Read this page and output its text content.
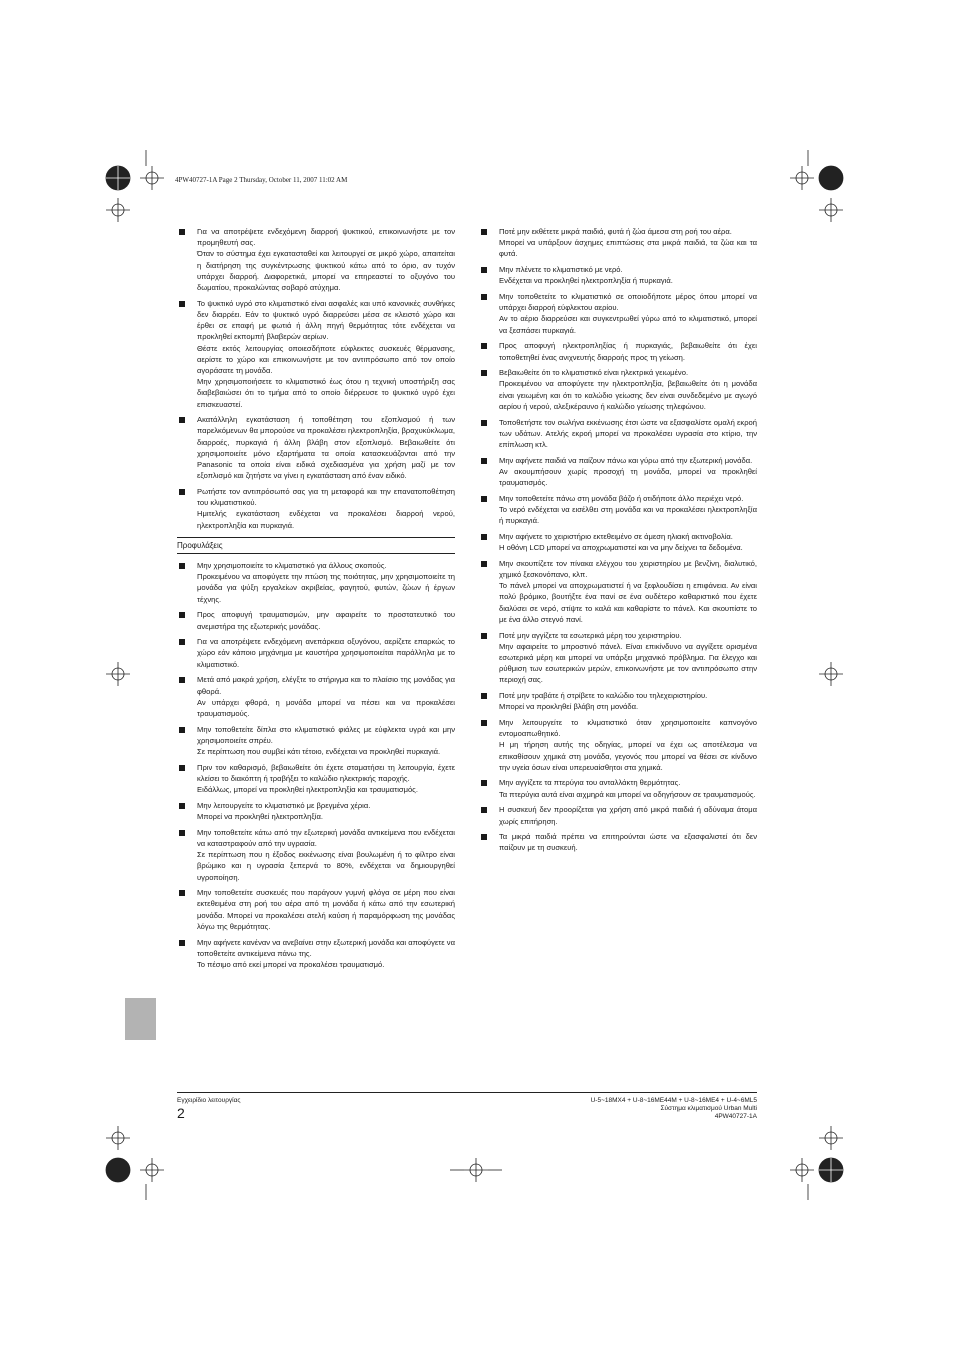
4PW40727-1A Page 2 Thursday, October 11, 2007 11:02 AM

Για να αποτρέψετε ενδεχόμενη διαρροή ψυκτικού, επικοινωνήστε με τον προμηθευτή σας.

Όταν το σύστημα έχει εγκατασταθεί και λειτουργεί σε μικρό χώρο, απαιτείται η διατήρηση της συγκέντρωσης ψυκτικού κάτω από το όριο, αν τυχόν υπάρχει διαρροή. Διαφορετικά, μπορεί να επηρεαστεί το οξυγόνο του δωματίου, προκαλώντας σοβαρό ατύχημα.

Το ψυκτικό υγρό στο κλιματιστικό είναι ασφαλές και υπό κανονικές συνθήκες δεν διαρρέει. Εάν το ψυκτικό υγρό διαρρεύσει μέσα σε κλειστό χώρο και έρθει σε επαφή με φωτιά ή άλλη πηγή θερμότητας τότε ενδέχεται να προκληθεί εκπομπή βλαβερών αερίων.

Θέστε εκτός λειτουργίας οποιεσδήποτε εύφλεκτες συσκευές θέρμανσης, αερίστε το χώρο και επικοινωνήστε με τον αντιπρόσωπο από τον οποίο αγοράσατε τη μονάδα.

Μην χρησιμοποιήσετε το κλιματιστικό έως ότου η τεχνική υποστήριξη σας διαβεβαιώσει ότι το τμήμα από το οποίο διέρρευσε το ψυκτικό υγρό έχει επισκευαστεί.

Ακατάλληλη εγκατάσταση ή τοποθέτηση του εξοπλισμού ή των παρελκόμενων θα μπορούσε να προκαλέσει ηλεκτροπληξία, βραχυκύκλωμα, διαρροές, πυρκαγιά ή άλλη βλάβη στον εξοπλισμό. Βεβαιωθείτε ότι χρησιμοποιείτε μόνο εξαρτήματα τα οποία κατασκευάζονται από την Panasonic τα οποία είναι ειδικά σχεδιασμένα για χρήση μαζί με τον εξοπλισμό και ζητήστε να γίνει η εγκατάσταση από έναν ειδικό.

Ρωτήστε τον αντιπρόσωπό σας για τη μεταφορά και την επανατοποθέτηση του κλιματιστικού.

Ημιτελής εγκατάσταση ενδέχεται να προκαλέσει διαρροή νερού, ηλεκτροπληξία και πυρκαγιά.

Προφυλάξεις

Μην χρησιμοποιείτε το κλιματιστικό για άλλους σκοπούς.

Προκειμένου να αποφύγετε την πτώση της ποιότητας, μην χρησιμοποιείτε τη μονάδα για ψύξη εργαλείων ακριβείας, φαγητού, φυτών, ζώων ή έργων τέχνης.

Προς αποφυγή τραυματισμών, μην αφαιρείτε το προστατευτικό του ανεμιστήρα της εξωτερικής μονάδας.

Για να αποτρέψετε ενδεχόμενη ανεπάρκεια οξυγόνου, αερίζετε επαρκώς το χώρο εάν κάποιο μηχάνημα με καυστήρα χρησιμοποιείται παράλληλα με το κλιματιστικό.

Μετά από μακρά χρήση, ελέγξτε το στήριγμα και το πλαίσιο της μονάδας για φθορά.

Αν υπάρχει φθορά, η μονάδα μπορεί να πέσει και να προκαλέσει τραυματισμούς.

Μην τοποθετείτε δίπλα στο κλιματιστικό φιάλες με εύφλεκτα υγρά και μην χρησιμοποιείτε σπρέυ.

Σε περίπτωση που συμβεί κάτι τέτοιο, ενδέχεται να προκληθεί πυρκαγιά.

Πριν τον καθαρισμό, βεβαιωθείτε ότι έχετε σταματήσει τη λειτουργία, έχετε κλείσει το διακόπτη ή τραβήξει το καλώδιο ηλεκτρικής παροχής.

Ειδάλλως, μπορεί να προκληθεί ηλεκτροπληξία και τραυματισμός.

Μην λειτουργείτε το κλιματιστικό με βρεγμένα χέρια.

Μπορεί να προκληθεί ηλεκτροπληξία.

Μην τοποθετείτε κάτω από την εξωτερική μονάδα αντικείμενα που ενδέχεται να καταστραφούν από την υγρασία.

Σε περίπτωση που η έξοδος εκκένωσης είναι βουλωμένη ή το φίλτρο είναι βρώμικο και η υγρασία ξεπερνά το 80%, ενδέχεται να δημιουργηθεί υγροποίηση.

Μην τοποθετείτε συσκευές που παράγουν γυμνή φλόγα σε μέρη που είναι εκτεθειμένα στη ροή του αέρα από τη μονάδα ή κάτω από την εσωτερική μονάδα. Μπορεί να προκαλέσει ατελή καύση ή παραμόρφωση της μονάδας λόγω της θερμότητας.

Μην αφήνετε κανέναν να ανεβαίνει στην εξωτερική μονάδα και αποφύγετε να τοποθετείτε αντικείμενα πάνω της.

Το πέσιμο από εκεί μπορεί να προκαλέσει τραυματισμό.

Ποτέ μην εκθέτετε μικρά παιδιά, φυτά ή ζώα άμεσα στη ροή του αέρα.

Μπορεί να υπάρξουν άσχημες επιπτώσεις στα μικρά παιδιά, τα ζώα και τα φυτά.

Μην πλένετε το κλιματιστικό με νερό.

Ενδέχεται να προκληθεί ηλεκτροπληξία ή πυρκαγιά.

Μην τοποθετείτε το κλιματιστικό σε οποιοδήποτε μέρος όπου μπορεί να υπάρχει διαρροή εύφλεκτου αερίου.

Αν το αέριο διαρρεύσει και συγκεντρωθεί γύρω από το κλιματιστικό, μπορεί να ξεσπάσει πυρκαγιά.

Προς αποφυγή ηλεκτροπληξίας ή πυρκαγιάς, βεβαιωθείτε ότι έχει τοποθετηθεί ένας ανιχνευτής διαρροής προς τη γείωση.

Βεβαιωθείτε ότι το κλιματιστικό είναι ηλεκτρικά γειωμένο.

Προκειμένου να αποφύγετε την ηλεκτροπληξία, βεβαιωθείτε ότι η μονάδα είναι γειωμένη και ότι το καλώδιο γείωσης δεν είναι συνδεδεμένο με αγωγό αερίου ή νερού, αλεξικέραυνο ή καλώδιο γείωσης τηλεφώνου.

Τοποθετήστε τον σωλήνα εκκένωσης έτσι ώστε να εξασφαλίστε ομαλή εκροή των υδάτων. Ατελής εκροή μπορεί να προκαλέσει υγρασία στο κτίριο, την επίπλωση κτλ.

Μην αφήνετε παιδιά να παίζουν πάνω και γύρω από την εξωτερική μονάδα.

Αν ακουμπήσουν χωρίς προσοχή τη μονάδα, μπορεί να προκληθεί τραυματισμός.

Μην τοποθετείτε πάνω στη μονάδα βάζο ή οτιδήποτε άλλο περιέχει νερό.

Το νερό ενδέχεται να εισέλθει στη μονάδα και να προκαλέσει ηλεκτροπληξία ή πυρκαγιά.

Μην αφήνετε το χειριστήριο εκτεθειμένο σε άμεση ηλιακή ακτινοβολία.

Η οθόνη LCD μπορεί να αποχρωματιστεί και να μην δείχνει τα δεδομένα.

Μην σκουπίζετε τον πίνακα ελέγχου του χειριστηρίου με βενζίνη, διαλυτικό, χημικό ξεσκονόπανο, κλπ.

Το πάνελ μπορεί να αποχρωματιστεί ή να ξεφλουδίσει η επιφάνεια. Αν είναι πολύ βρόμικο, βουτήξτε ένα πανί σε ένα ουδέτερο καθαριστικό που έχετε διαλύσει σε νερό, στίψτε το καλά και καθαρίστε το πάνελ. Και σκουπίστε το με ένα άλλο στεγνό πανί.

Ποτέ μην αγγίζετε τα εσωτερικά μέρη του χειριστηρίου.

Μην αφαιρείτε το μπροστινό πάνελ. Είναι επικίνδυνο να αγγίξετε ορισμένα εσωτερικά μέρη και μπορεί να υπάρξει μηχανικό πρόβλημα. Για έλεγχο και ρύθμιση των εσωτερικών μερών, επικοινωνήστε με τον αντιπρόσωπο στην περιοχή σας.

Ποτέ μην τραβάτε ή στρίβετε το καλώδιο του τηλεχειριστηρίου.

Μπορεί να προκληθεί βλάβη στη μονάδα.

Μην λειτουργείτε το κλιματιστικό όταν χρησιμοποιείτε καπνογόνο εντομοαπωθητικό.

Η μη τήρηση αυτής της οδηγίας, μπορεί να έχει ως αποτέλεσμα να επικαθίσουν χημικά στη μονάδα, γεγονός που μπορεί να θέσει σε κίνδυνο την υγεία όσων είναι υπερευαίσθητοι στα χημικά.

Μην αγγίζετε τα πτερύγια του ανταλλάκτη θερμότητας.

Τα πτερύγια αυτά είναι αιχμηρά και μπορεί να οδηγήσουν σε τραυματισμούς.

Η συσκευή δεν προορίζεται για χρήση από μικρά παιδιά ή αδύναμα άτομα χωρίς επιτήρηση.

Τα μικρά παιδιά πρέπει να επιτηρούνται ώστε να εξασφαλιστεί ότι δεν παίζουν με τη συσκευή.

Εγχειρίδιο λειτουργίας
2
U-5~18MX4 + U-8~16ME44M + U-8~16ME4 + U-4~6ML5
Σύστημα κλιματισμού Urban Multi
4PW40727-1A
